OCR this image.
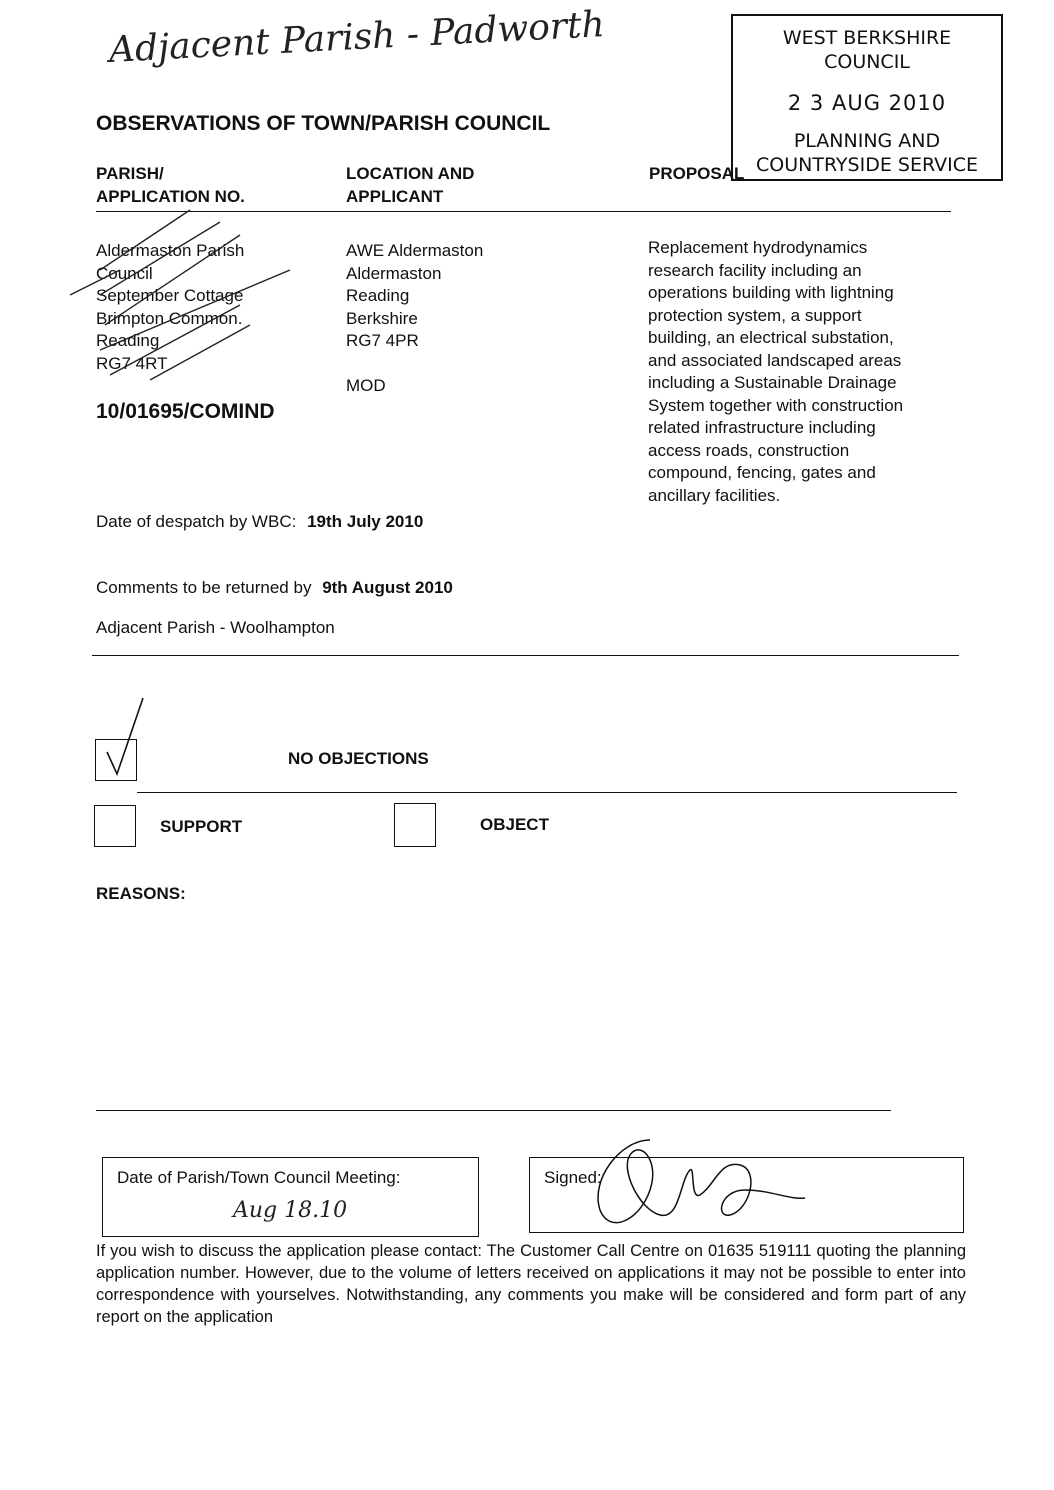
Adjacent Parish - Padworth
OBSERVATIONS OF TOWN/PARISH COUNCIL
WEST BERKSHIRE
COUNCIL
2 3 AUG 2010
PLANNING AND
COUNTRYSIDE SERVICE
PARISH/
APPLICATION NO.
LOCATION AND
APPLICANT
PROPOSAL
Aldermaston Parish
Council
September Cottage
Brimpton Common.
Reading
RG7 4RT
10/01695/COMIND
AWE Aldermaston
Aldermaston
Reading
Berkshire
RG7 4PR
MOD
Replacement hydrodynamics
research facility including an
operations building with lightning
protection system, a support
building, an electrical substation,
and associated landscaped areas
including a Sustainable Drainage
System together with construction
related infrastructure including
access roads, construction
compound, fencing, gates and
ancillary facilities.
Date of despatch by WBC: 19th July 2010
Comments to be returned by 9th August 2010
Adjacent Parish - Woolhampton
NO OBJECTIONS
SUPPORT	OBJECT
REASONS:
Date of Parish/Town Council Meeting:
Aug 18.10
Signed:
If you wish to discuss the application please contact: The Customer Call Centre on 01635 519111 quoting the planning application number. However, due to the volume of letters received on applications it may not be possible to enter into correspondence with yourselves. Notwithstanding, any comments you make will be considered and form part of any report on the application
